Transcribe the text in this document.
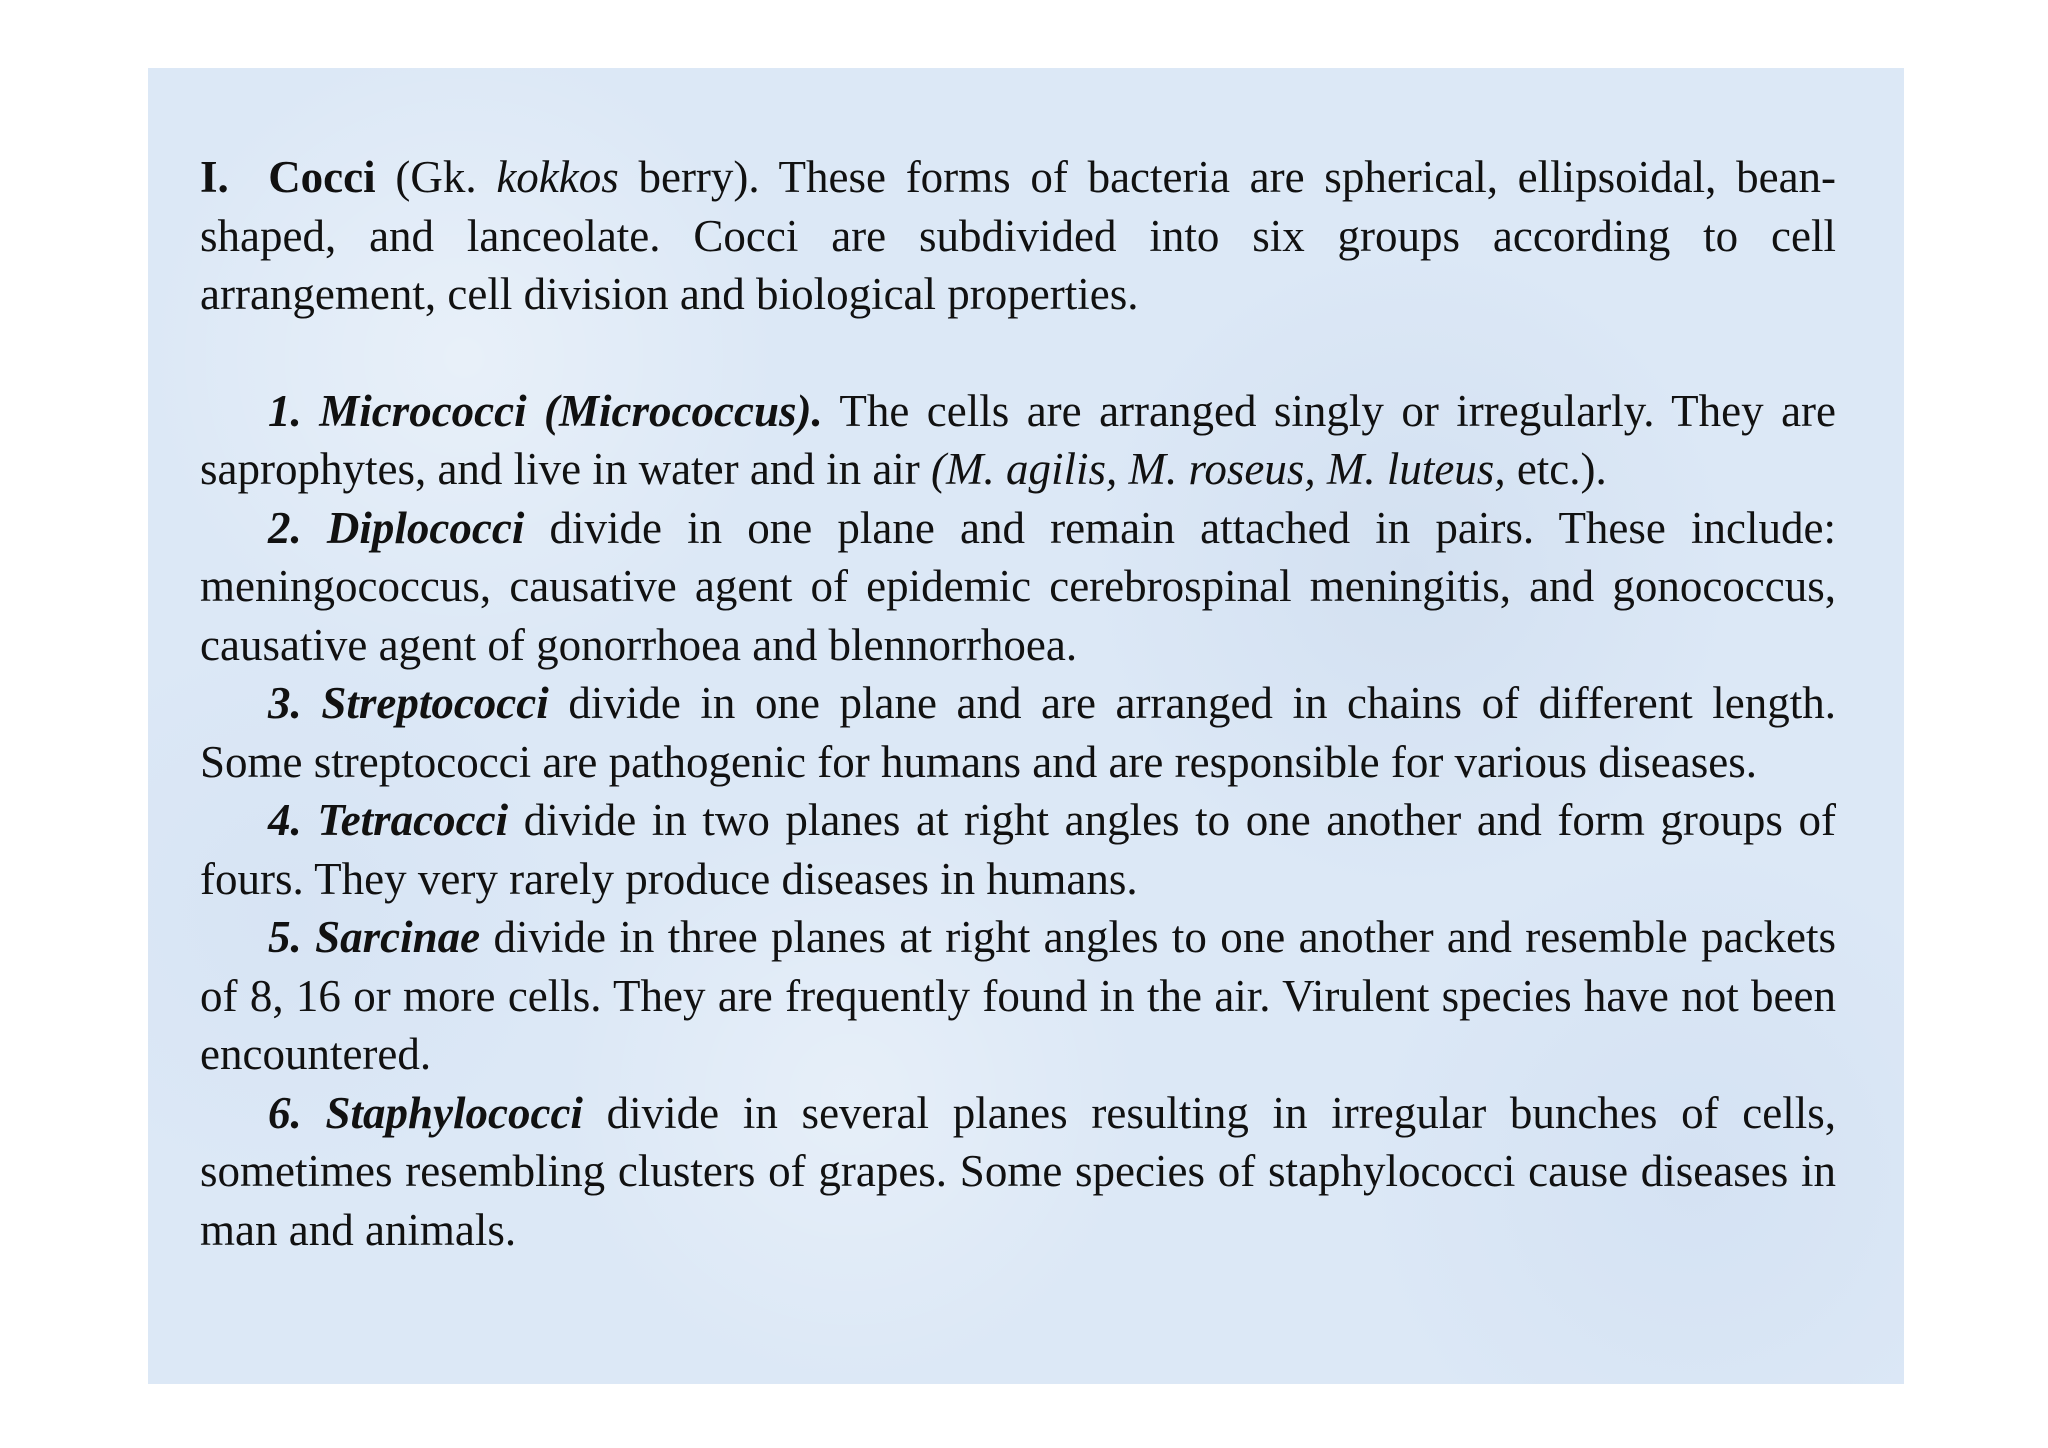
I. Cocci (Gk. kokkos berry). These forms of bacteria are spherical, ellipsoidal, bean-shaped, and lanceolate. Cocci are subdivided into six groups according to cell arrangement, cell division and biological properties.

1. Micrococci (Micrococcus). The cells are arranged singly or irregularly. They are saprophytes, and live in water and in air (M. agilis, M. roseus, M. luteus, etc.).

2. Diplococci divide in one plane and remain attached in pairs. These include: meningococcus, causative agent of epidemic cerebrospinal meningitis, and gonococcus, causative agent of gonorrhoea and blennorrhoea.

3. Streptococci divide in one plane and are arranged in chains of different length. Some streptococci are pathogenic for humans and are responsible for various diseases.

4. Tetracocci divide in two planes at right angles to one another and form groups of fours. They very rarely produce diseases in humans.

5. Sarcinae divide in three planes at right angles to one another and resemble packets of 8, 16 or more cells. They are frequently found in the air. Virulent species have not been encountered.

6. Staphylococci divide in several planes resulting in irregular bunches of cells, sometimes resembling clusters of grapes. Some species of staphylococci cause diseases in man and animals.
